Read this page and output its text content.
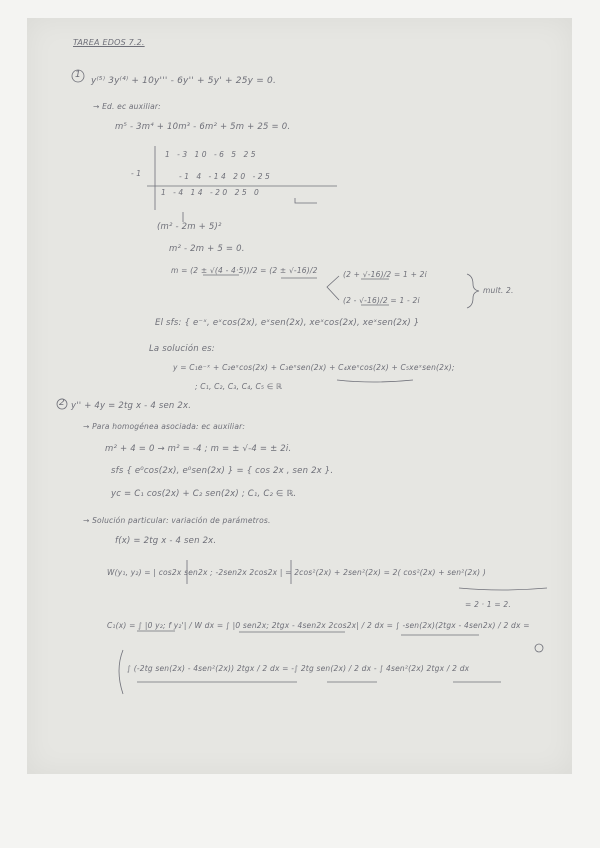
TAREA EDOS 7.2.
1
y⁽⁵⁾ 3y⁽⁴⁾ + 10y''' - 6y'' + 5y' + 25y = 0.
→ Ed. ec auxiliar:
m⁵ - 3m⁴ + 10m³ - 6m² + 5m + 25 = 0.
1 -3 10 -6 5 25
-1	-1 4 -14 20 -25
1 -4 14 -20 25 0
(m² - 2m + 5)²
m² - 2m + 5 = 0.
m = (2 ± √(4 - 4·5))/2 = (2 ± √-16)/2	(2 + √-16)/2 = 1 + 2i
(2 - √-16)/2 = 1 - 2i
mult. 2.
El sfs: { e⁻ˣ, eˣcos(2x), eˣsen(2x), xeˣcos(2x), xeˣsen(2x) }
La solución es:
y = C₁e⁻ˣ + C₂eˣcos(2x) + C₃eˣsen(2x) + C₄xeˣcos(2x) + C₅xeˣsen(2x);
; C₁, C₂, C₃, C₄, C₅ ∈ ℝ
2 y'' + 4y = 2tg x - 4 sen 2x.
→ Para homogénea asociada: ec auxiliar:
m² + 4 = 0 → m² = -4 ; m = ± √-4 = ± 2i.
sfs { e⁰cos(2x), e⁰sen(2x) } = { cos 2x , sen 2x }.
yc = C₁ cos(2x) + C₂ sen(2x) ; C₁, C₂ ∈ ℝ.
→ Solución particular: variación de parámetros.
f(x) = 2tg x - 4 sen 2x.
W(y₁, y₂) = | cos2x sen2x ; -2sen2x 2cos2x | = 2cos²(2x) + 2sen²(2x) = 2( cos²(2x) + sen²(2x) )
= 2 · 1 = 2.
C₁(x) = ∫ |0 y₂; f y₂'| / W dx = ∫ |0 sen2x; 2tgx - 4sen2x 2cos2x| / 2 dx = ∫ -sen(2x)(2tgx - 4sen2x) / 2 dx =
∫ (-2tg sen(2x) - 4sen²(2x)) 2tgx / 2 dx = -∫ 2tg sen(2x) / 2 dx - ∫ 4sen²(2x) 2tgx / 2 dx
